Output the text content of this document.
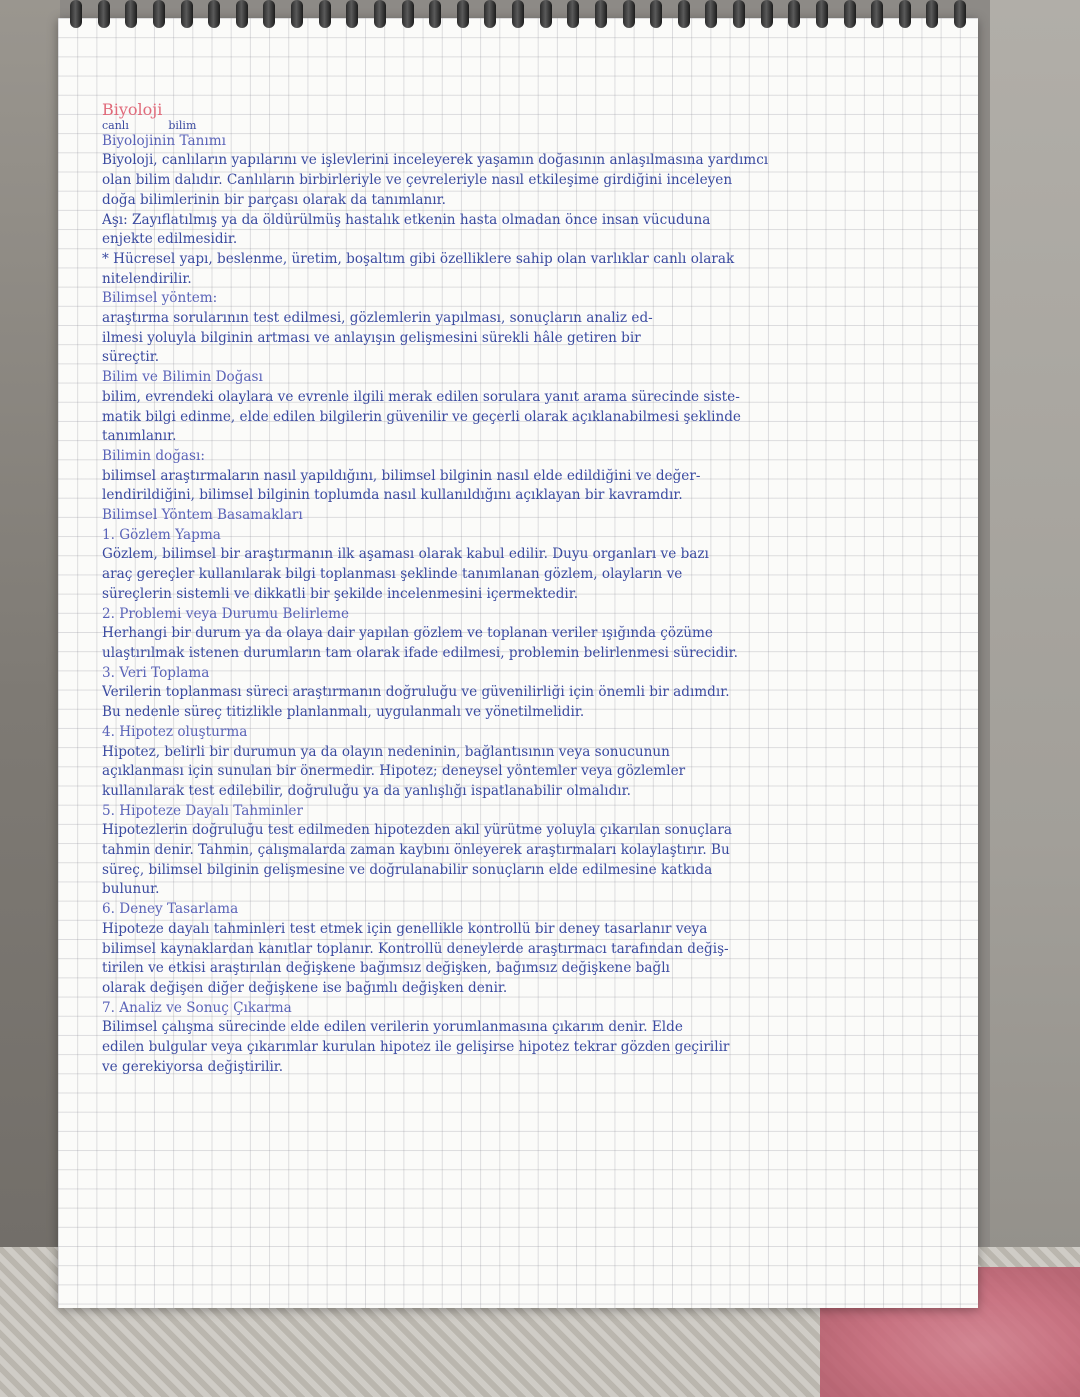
Biyoloji
canlı	bilim
Biyolojinin Tanımı
Biyoloji, canlıların yapılarını ve işlevlerini inceleyerek yaşamın doğasının anlaşılmasına yardımcı
olan bilim dalıdır. Canlıların birbirleriyle ve çevreleriyle nasıl etkileşime girdiğini inceleyen
doğa bilimlerinin bir parçası olarak da tanımlanır.
Aşı: Zayıflatılmış ya da öldürülmüş hastalık etkenin hasta olmadan önce insan vücuduna
enjekte edilmesidir.
* Hücresel yapı, beslenme, üretim, boşaltım gibi özelliklere sahip olan varlıklar canlı olarak
nitelendirilir.
Bilimsel yöntem:
araştırma sorularının test edilmesi, gözlemlerin yapılması, sonuçların analiz ed-
ilmesi yoluyla bilginin artması ve anlayışın gelişmesini sürekli hâle getiren bir
süreçtir.
Bilim ve Bilimin Doğası
bilim, evrendeki olaylara ve evrenle ilgili merak edilen sorulara yanıt arama sürecinde siste-
matik bilgi edinme, elde edilen bilgilerin güvenilir ve geçerli olarak açıklanabilmesi şeklinde
tanımlanır.
Bilimin doğası:
bilimsel araştırmaların nasıl yapıldığını, bilimsel bilginin nasıl elde edildiğini ve değer-
lendirildiğini, bilimsel bilginin toplumda nasıl kullanıldığını açıklayan bir kavramdır.
Bilimsel Yöntem Basamakları
1. Gözlem Yapma
Gözlem, bilimsel bir araştırmanın ilk aşaması olarak kabul edilir. Duyu organları ve bazı
araç gereçler kullanılarak bilgi toplanması şeklinde tanımlanan gözlem, olayların ve
süreçlerin sistemli ve dikkatli bir şekilde incelenmesini içermektedir.
2. Problemi veya Durumu Belirleme
Herhangi bir durum ya da olaya dair yapılan gözlem ve toplanan veriler ışığında çözüme
ulaştırılmak istenen durumların tam olarak ifade edilmesi, problemin belirlenmesi sürecidir.
3. Veri Toplama
Verilerin toplanması süreci araştırmanın doğruluğu ve güvenilirliği için önemli bir adımdır.
Bu nedenle süreç titizlikle planlanmalı, uygulanmalı ve yönetilmelidir.
4. Hipotez oluşturma
Hipotez, belirli bir durumun ya da olayın nedeninin, bağlantısının veya sonucunun
açıklanması için sunulan bir önermedir. Hipotez; deneysel yöntemler veya gözlemler
kullanılarak test edilebilir, doğruluğu ya da yanlışlığı ispatlanabilir olmalıdır.
5. Hipoteze Dayalı Tahminler
Hipotezlerin doğruluğu test edilmeden hipotezden akıl yürütme yoluyla çıkarılan sonuçlara
tahmin denir. Tahmin, çalışmalarda zaman kaybını önleyerek araştırmaları kolaylaştırır. Bu
süreç, bilimsel bilginin gelişmesine ve doğrulanabilir sonuçların elde edilmesine katkıda
bulunur.
6. Deney Tasarlama
Hipoteze dayalı tahminleri test etmek için genellikle kontrollü bir deney tasarlanır veya
bilimsel kaynaklardan kanıtlar toplanır. Kontrollü deneylerde araştırmacı tarafından değiş-
tirilen ve etkisi araştırılan değişkene bağımsız değişken, bağımsız değişkene bağlı
olarak değişen diğer değişkene ise bağımlı değişken denir.
7. Analiz ve Sonuç Çıkarma
Bilimsel çalışma sürecinde elde edilen verilerin yorumlanmasına çıkarım denir. Elde
edilen bulgular veya çıkarımlar kurulan hipotez ile gelişirse hipotez tekrar gözden geçirilir
ve gerekiyorsa değiştirilir.
